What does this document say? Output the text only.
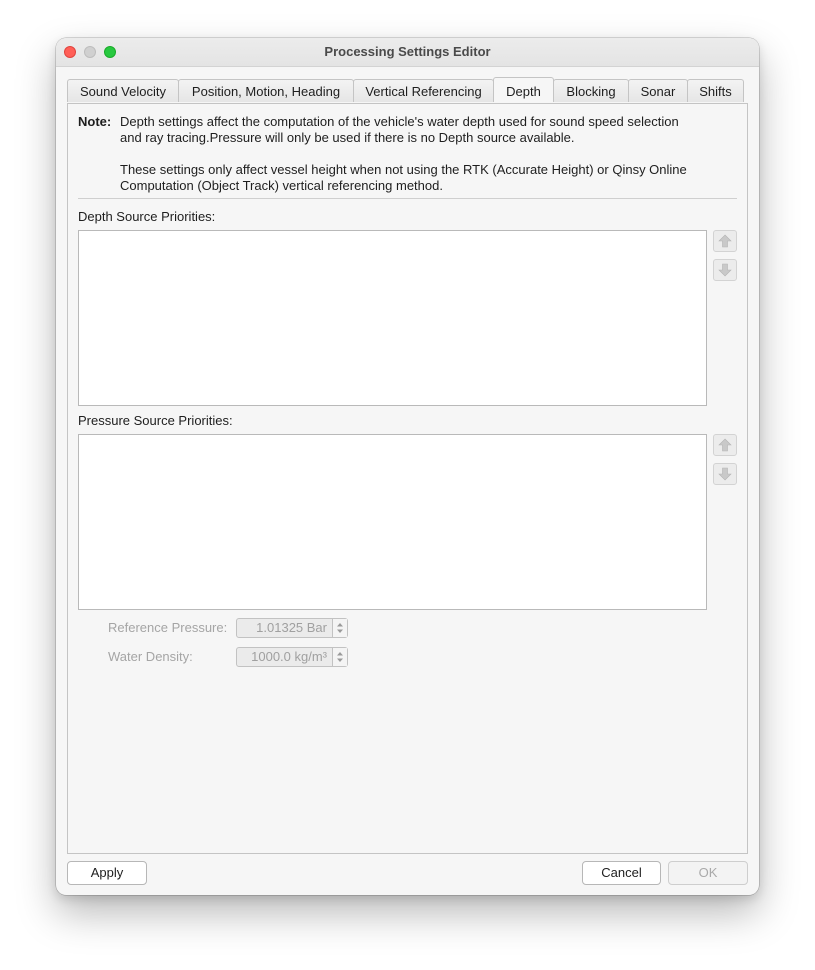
Processing Settings Editor
Sound Velocity	Position, Motion, Heading	Vertical Referencing	Depth	Blocking	Sonar	Shifts
Note: Depth settings affect the computation of the vehicle's water depth used for sound speed selection
and ray tracing.Pressure will only be used if there is no Depth source available.
These settings only affect vessel height when not using the RTK (Accurate Height) or Qinsy Online
Computation (Object Track) vertical referencing method.
Depth Source Priorities:
Pressure Source Priorities:
Reference Pressure:	1.01325 Bar
Water Density:	1000.0 kg/m³
Apply	Cancel	OK
